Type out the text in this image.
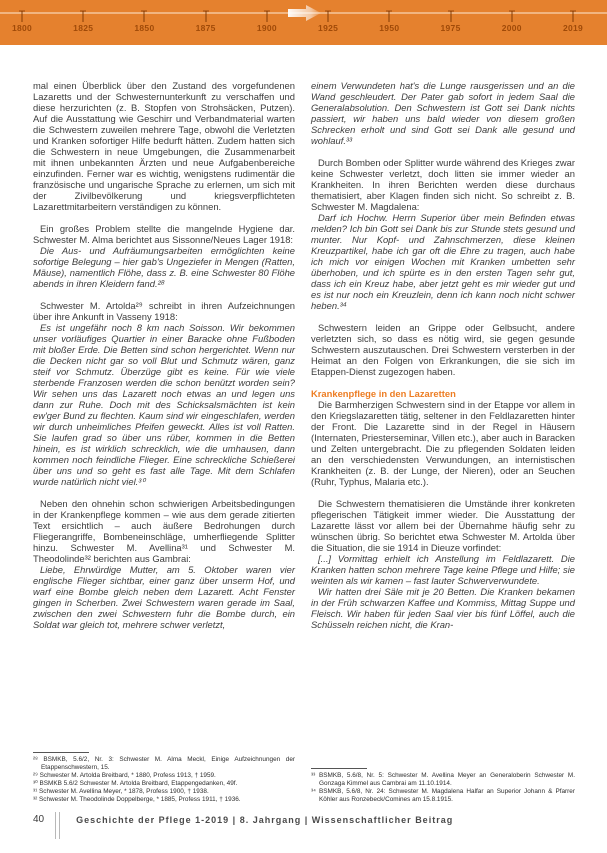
1800	1825	1850	1875	1900	1925	1950	1975	2000	2019
mal einen Überblick über den Zustand des vorgefundenen Lazaretts und der Schwesternunterkunft zu verschaffen und diese herzurichten (z. B. Stopfen von Strohsäcken, Putzen). Auf die Ausstattung wie Geschirr und Verbandmaterial warten die Schwestern zuweilen mehrere Tage, obwohl die Verletzten und Kranken sofortiger Hilfe bedurft hätten. Zudem hatten sich die Schwestern in neue Umgebungen, die Zusammenarbeit mit ihnen unbekannten Ärzten und neue Aufgabenbereiche einzufinden. Ferner war es wichtig, wenigstens rudimentär die französische und ungarische Sprache zu erlernen, um sich mit der Zivilbevölkerung und kriegsverpflichteten Lazarettmitarbeitern verständigen zu können.
Ein großes Problem stellte die mangelnde Hygiene dar. Schwester M. Alma berichtet aus Sissonne/Neues Lager 1918:
Die Aus- und Aufräumungsarbeiten ermöglichten keine sofortige Belegung – hier gab's Ungeziefer in Mengen (Ratten, Mäuse), namentlich Flöhe, dass z. B. eine Schwester 80 Flöhe abends in ihren Kleidern fand.²⁸
Schwester M. Artolda²⁹ schreibt in ihren Aufzeichnungen über ihre Ankunft in Vasseny 1918:
Es ist ungefähr noch 8 km nach Soisson. Wir bekommen unser vorläufiges Quartier in einer Baracke ohne Fußboden mit bloßer Erde. Die Betten sind schon hergerichtet. Wenn nur die Decken nicht gar so voll Blut und Schmutz wären, ganz steif vor Schmutz. Überzüge gibt es keine. Für wie viele sterbende Franzosen werden die schon benützt worden sein? Wir sehen uns das Lazarett noch etwas an und legen uns dann zur Ruhe. Doch mit des Schicksalsmächten ist kein ew'ger Bund zu flechten. Kaum sind wir eingeschlafen, werden wir durch unheimliches Pfeifen geweckt. Alles ist voll Ratten. Sie laufen grad so über uns rüber, kommen in die Betten hinein, es ist wirklich schrecklich, wie die umhausen, dann kommen noch feindliche Flieger. Eine schreckliche Schießerei über uns und so geht es fast alle Tage. Mit dem Schlafen wurde natürlich nicht viel.³⁰
Neben den ohnehin schon schwierigen Arbeitsbedingungen in der Krankenpflege kommen – wie aus dem gerade zitierten Text ersichtlich – auch äußere Bedrohungen durch Fliegerangriffe, Bombeneinschläge, umherfliegende Splitter hinzu. Schwester M. Avellina³¹ und Schwester M. Theodolinde³² berichten aus Gambrai:
Liebe, Ehrwürdige Mutter, am 5. Oktober waren vier englische Flieger sichtbar, einer ganz über unserm Hof, und warf eine Bombe gleich neben dem Lazarett. Acht Fenster gingen in Scherben. Zwei Schwestern waren gerade im Saal, zwischen den zwei Schwestern fuhr die Bombe durch, ein Soldat war gleich tot, mehrere schwer verletzt,
²⁸ BSMKB, 5.6/2, Nr. 3: Schwester M. Alma Meckl, Einige Aufzeichnungen der Etappenschwestern, 15.
²⁹ Schwester M. Artolda Breitbard, * 1880, Profess 1913, † 1959.
³⁰ BSMKB 5.6/2 Schwester M. Artolda Breitbard, Etappengedanken, 49f.
³¹ Schwester M. Avellina Meyer, * 1878, Profess 1900, † 1938.
³² Schwester M. Theodolinde Doppelberge, * 1885, Profess 1911, † 1936.
einem Verwundeten hat's die Lunge rausgerissen und an die Wand geschleudert. Der Pater gab sofort in jedem Saal die Generalabsolution. Den Schwestern ist Gott sei Dank nichts passiert, wir haben uns bald wieder von diesem großen Schrecken erholt und sind Gott sei Dank alle gesund und wohlauf.³³
Durch Bomben oder Splitter wurde während des Krieges zwar keine Schwester verletzt, doch litten sie immer wieder an Krankheiten. In ihren Berichten werden diese durchaus thematisiert, aber Klagen finden sich nicht. So schreibt z. B. Schwester M. Magdalena:
Darf ich Hochw. Herrn Superior über mein Befinden etwas melden? Ich bin Gott sei Dank bis zur Stunde stets gesund und munter. Nur Kopf- und Zahnschmerzen, diese kleinen Kreuzpartikel, habe ich gar oft die Ehre zu tragen, auch habe ich mich vor einigen Wochen mit Kranken umbetten sehr überhoben, und ich spürte es in den ersten Tagen sehr gut, dass ich ein Kreuz habe, aber jetzt geht es mir wieder gut und es ist nur noch ein Kreuzlein, denn ich kann noch nicht schwer heben.³⁴
Schwestern leiden an Grippe oder Gelbsucht, andere verletzten sich, so dass es nötig wird, sie gegen gesunde Schwestern auszutauschen. Drei Schwestern versterben in der Heimat an den Folgen von Erkrankungen, die sie sich im Etappen-Dienst zugezogen haben.
Krankenpflege in den Lazaretten
Die Barmherzigen Schwestern sind in der Etappe vor allem in den Kriegslazaretten tätig, seltener in den Feldlazaretten hinter der Front. Die Lazarette sind in der Regel in Häusern (Internaten, Priesterseminar, Villen etc.), aber auch in Baracken und Zelten untergebracht. Die zu pflegenden Soldaten leiden an den verschiedensten Verwundungen, an internistischen Krankheiten (z. B. der Lunge, der Nieren), oder an Seuchen (Ruhr, Typhus, Malaria etc.).
Die Schwestern thematisieren die Umstände ihrer konkreten pflegerischen Tätigkeit immer wieder. Die Ausstattung der Lazarette lässt vor allem bei der Übernahme häufig sehr zu wünschen übrig. So berichtet etwa Schwester M. Artolda über die Situation, die sie 1914 in Dieuze vorfindet:
[...] Vormittag erhielt ich Anstellung im Feldlazarett. Die Kranken hatten schon mehrere Tage keine Pflege und Hilfe; sie weinten als wir kamen – fast lauter Schwerverwundete.
Wir hatten drei Säle mit je 20 Betten. Die Kranken bekamen in der Früh schwarzen Kaffee und Kommiss, Mittag Suppe und Fleisch. Wir haben für jeden Saal vier bis fünf Löffel, auch die Schüsseln reichen nicht, die Kran-
³³ BSMKB, 5.6/8, Nr. 5: Schwester M. Avellina Meyer an Generaloberin Schwester M. Gonzaga Kimmel aus Cambrai am 11.10.1914.
³⁴ BSMKB, 5.6/8, Nr. 24: Schwester M. Magdalena Halfar an Superior Johann & Pfarrer Köhler aus Ronzebeck/Comines am 15.8.1915.
40	Geschichte der Pflege 1-2019 | 8. Jahrgang | Wissenschaftlicher Beitrag
